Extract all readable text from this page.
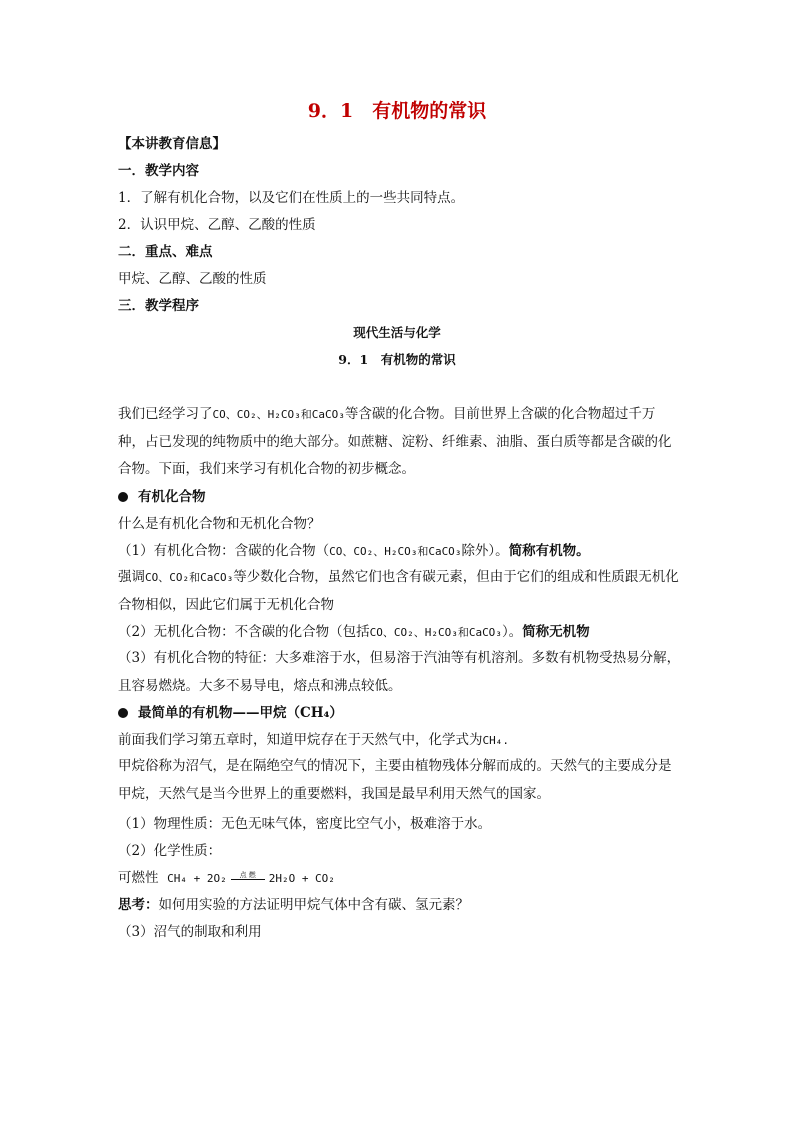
9．1　有机物的常识
【本讲教育信息】
一．教学内容
1．了解有机化合物，以及它们在性质上的一些共同特点。
2．认识甲烷、乙醇、乙酸的性质
二．重点、难点
甲烷、乙醇、乙酸的性质
三．教学程序
现代生活与化学
9．1　有机物的常识
我们已经学习了CO、CO₂、H₂CO₃和CaCO₃等含碳的化合物。目前世界上含碳的化合物超过千万种，占已发现的纯物质中的绝大部分。如蔗糖、淀粉、纤维素、油脂、蛋白质等都是含碳的化合物。下面，我们来学习有机化合物的初步概念。
有机化合物
什么是有机化合物和无机化合物？
（1）有机化合物：含碳的化合物（CO、CO₂、H₂CO₃和CaCO₃除外）。简称有机物。
强调CO、CO₂和CaCO₃等少数化合物，虽然它们也含有碳元素，但由于它们的组成和性质跟无机化合物相似，因此它们属于无机化合物
（2）无机化合物：不含碳的化合物（包括CO、CO₂、H₂CO₃和CaCO₃）。简称无机物
（3）有机化合物的特征：大多难溶于水，但易溶于汽油等有机溶剂。多数有机物受热易分解，且容易燃烧。大多不易导电，熔点和沸点较低。
最简单的有机物——甲烷（CH₄）
前面我们学习第五章时，知道甲烷存在于天然气中，化学式为CH₄.
甲烷俗称为沼气，是在隔绝空气的情况下，主要由植物残体分解而成的。天然气的主要成分是甲烷，天然气是当今世界上的重要燃料，我国是最早利用天然气的国家。
（1）物理性质：无色无味气体，密度比空气小，极难溶于水。
（2）化学性质：
可燃性 CH₄ + 2O₂ 点 燃 2H₂O + CO₂
思考：如何用实验的方法证明甲烷气体中含有碳、氢元素？
（3）沼气的制取和利用
